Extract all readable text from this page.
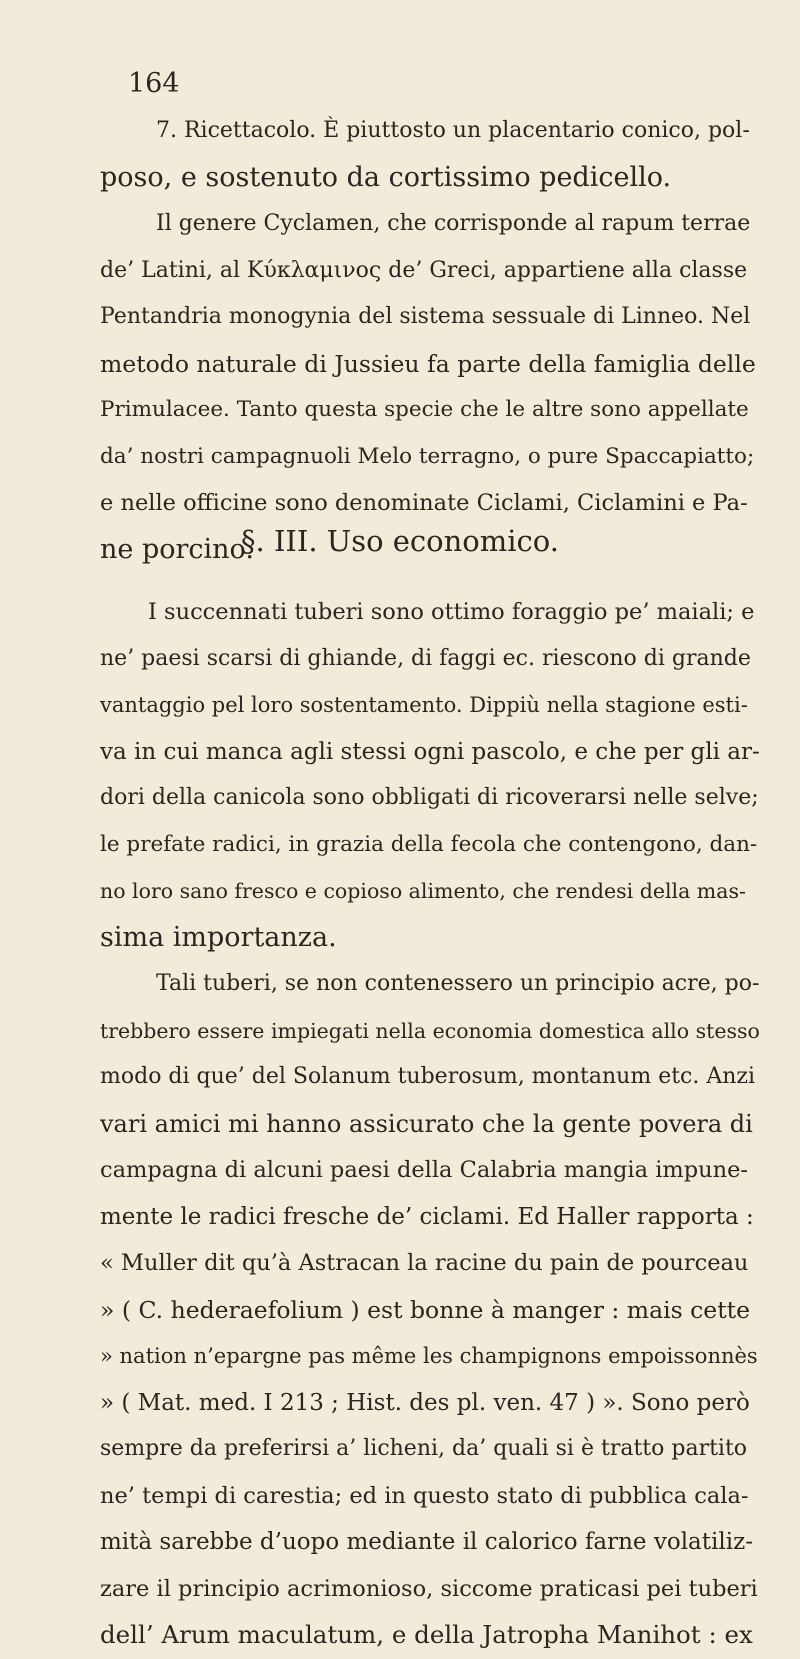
164
7. Ricettacolo. È piuttosto un placentario conico, pol-
poso, e sostenuto da cortissimo pedicello.
Il genere Cyclamen, che corrisponde al rapum terrae
de’ Latini, al Κύκλαμινος de’ Greci, appartiene alla classe
Pentandria monogynia del sistema sessuale di Linneo. Nel
metodo naturale di Jussieu fa parte della famiglia delle
Primulacee. Tanto questa specie che le altre sono appellate
da’ nostri campagnuoli Melo terragno, o pure Spaccapiatto;
e nelle officine sono denominate Ciclami, Ciclamini e Pa-
ne porcino.
§. III. Uso economico.
I succennati tuberi sono ottimo foraggio pe’ maiali; e
ne’ paesi scarsi di ghiande, di faggi ec. riescono di grande
vantaggio pel loro sostentamento. Dippiù nella stagione esti-
va in cui manca agli stessi ogni pascolo, e che per gli ar-
dori della canicola sono obbligati di ricoverarsi nelle selve;
le prefate radici, in grazia della fecola che contengono, dan-
no loro sano fresco e copioso alimento, che rendesi della mas-
sima importanza.
Tali tuberi, se non contenessero un principio acre, po-
trebbero essere impiegati nella economia domestica allo stesso
modo di que’ del Solanum tuberosum, montanum etc. Anzi
vari amici mi hanno assicurato che la gente povera di
campagna di alcuni paesi della Calabria mangia impune-
mente le radici fresche de’ ciclami. Ed Haller rapporta :
« Muller dit qu’à Astracan la racine du pain de pourceau
» ( C. hederaefolium ) est bonne à manger : mais cette
» nation n’epargne pas même les champignons empoissonnès
» ( Mat. med. I 213 ; Hist. des pl. ven. 47 ) ». Sono però
sempre da preferirsi a’ licheni, da’ quali si è tratto partito
ne’ tempi di carestia; ed in questo stato di pubblica cala-
mità sarebbe d’uopo mediante il calorico farne volatiliz-
zare il principio acrimonioso, siccome praticasi pei tuberi
dell’ Arum maculatum, e della Jatropha Manihot : ex
